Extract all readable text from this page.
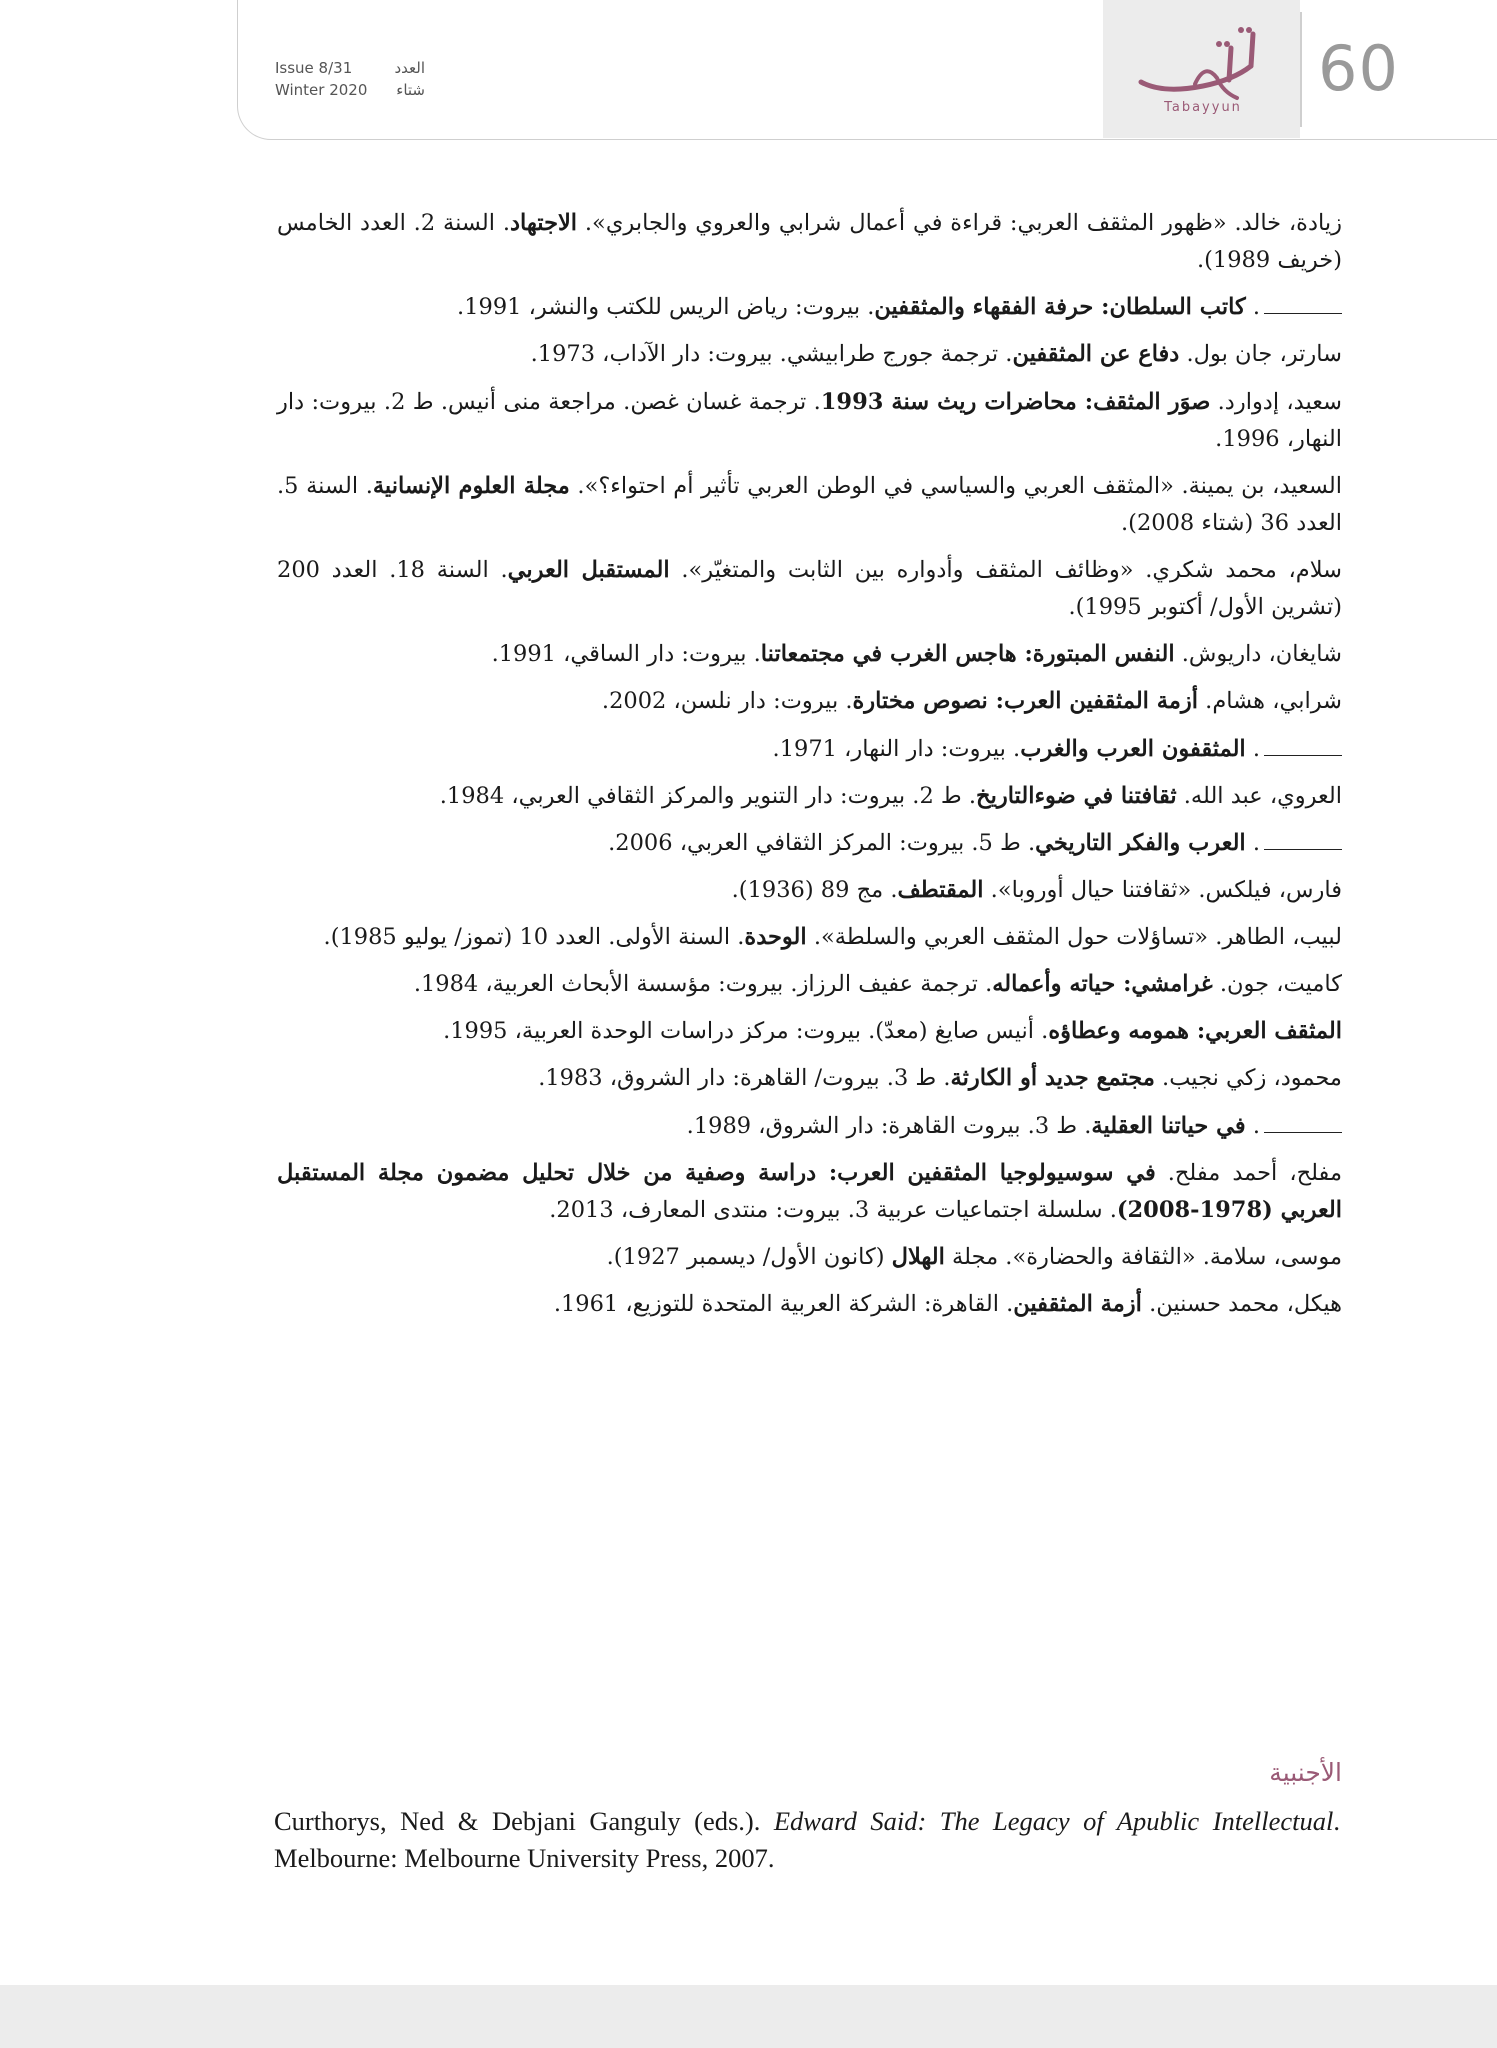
Issue 8/31	العدد
Winter 2020 شتاء
Tabayyun
60
زيادة، خالد. «ظهور المثقف العربي: قراءة في أعمال شرابي والعروي والجابري». الاجتهاد. السنة 2. العدد الخامس (خريف 1989).
. كاتب السلطان: حرفة الفقهاء والمثقفين. بيروت: رياض الريس للكتب والنشر، 1991.
سارتر، جان بول. دفاع عن المثقفين. ترجمة جورج طرابيشي. بيروت: دار الآداب، 1973.
سعيد، إدوارد. صوَر المثقف: محاضرات ريث سنة 1993. ترجمة غسان غصن. مراجعة منى أنيس. ط 2. بيروت: دار النهار، 1996.
السعيد، بن يمينة. «المثقف العربي والسياسي في الوطن العربي تأثير أم احتواء؟». مجلة العلوم الإنسانية. السنة 5. العدد 36 (شتاء 2008).
سلام، محمد شكري. «وظائف المثقف وأدواره بين الثابت والمتغيّر». المستقبل العربي. السنة 18. العدد 200 (تشرين الأول/ أكتوبر 1995).
شايغان، داريوش. النفس المبتورة: هاجس الغرب في مجتمعاتنا. بيروت: دار الساقي، 1991.
شرابي، هشام. أزمة المثقفين العرب: نصوص مختارة. بيروت: دار نلسن، 2002.
. المثقفون العرب والغرب. بيروت: دار النهار، 1971.
العروي، عبد الله. ثقافتنا في ضوءالتاريخ. ط 2. بيروت: دار التنوير والمركز الثقافي العربي، 1984.
. العرب والفكر التاريخي. ط 5. بيروت: المركز الثقافي العربي، 2006.
فارس، فيلكس. «ثقافتنا حيال أوروبا». المقتطف. مج 89 (1936).
لبيب، الطاهر. «تساؤلات حول المثقف العربي والسلطة». الوحدة. السنة الأولى. العدد 10 (تموز/ يوليو 1985).
كاميت، جون. غرامشي: حياته وأعماله. ترجمة عفيف الرزاز. بيروت: مؤسسة الأبحاث العربية، 1984.
المثقف العربي: همومه وعطاؤه. أنيس صايغ (معدّ). بيروت: مركز دراسات الوحدة العربية، 1995.
محمود، زكي نجيب. مجتمع جديد أو الكارثة. ط 3. بيروت/ القاهرة: دار الشروق، 1983.
. في حياتنا العقلية. ط 3. بيروت القاهرة: دار الشروق، 1989.
مفلح، أحمد مفلح. في سوسيولوجيا المثقفين العرب: دراسة وصفية من خلال تحليل مضمون مجلة المستقبل العربي (1978-2008). سلسلة اجتماعيات عربية 3. بيروت: منتدى المعارف، 2013.
موسى، سلامة. «الثقافة والحضارة». مجلة الهلال (كانون الأول/ ديسمبر 1927).
هيكل، محمد حسنين. أزمة المثقفين. القاهرة: الشركة العربية المتحدة للتوزيع، 1961.
الأجنبية
Curthorys, Ned & Debjani Ganguly (eds.). Edward Said: The Legacy of Apublic Intellectual. Melbourne: Melbourne University Press, 2007.
